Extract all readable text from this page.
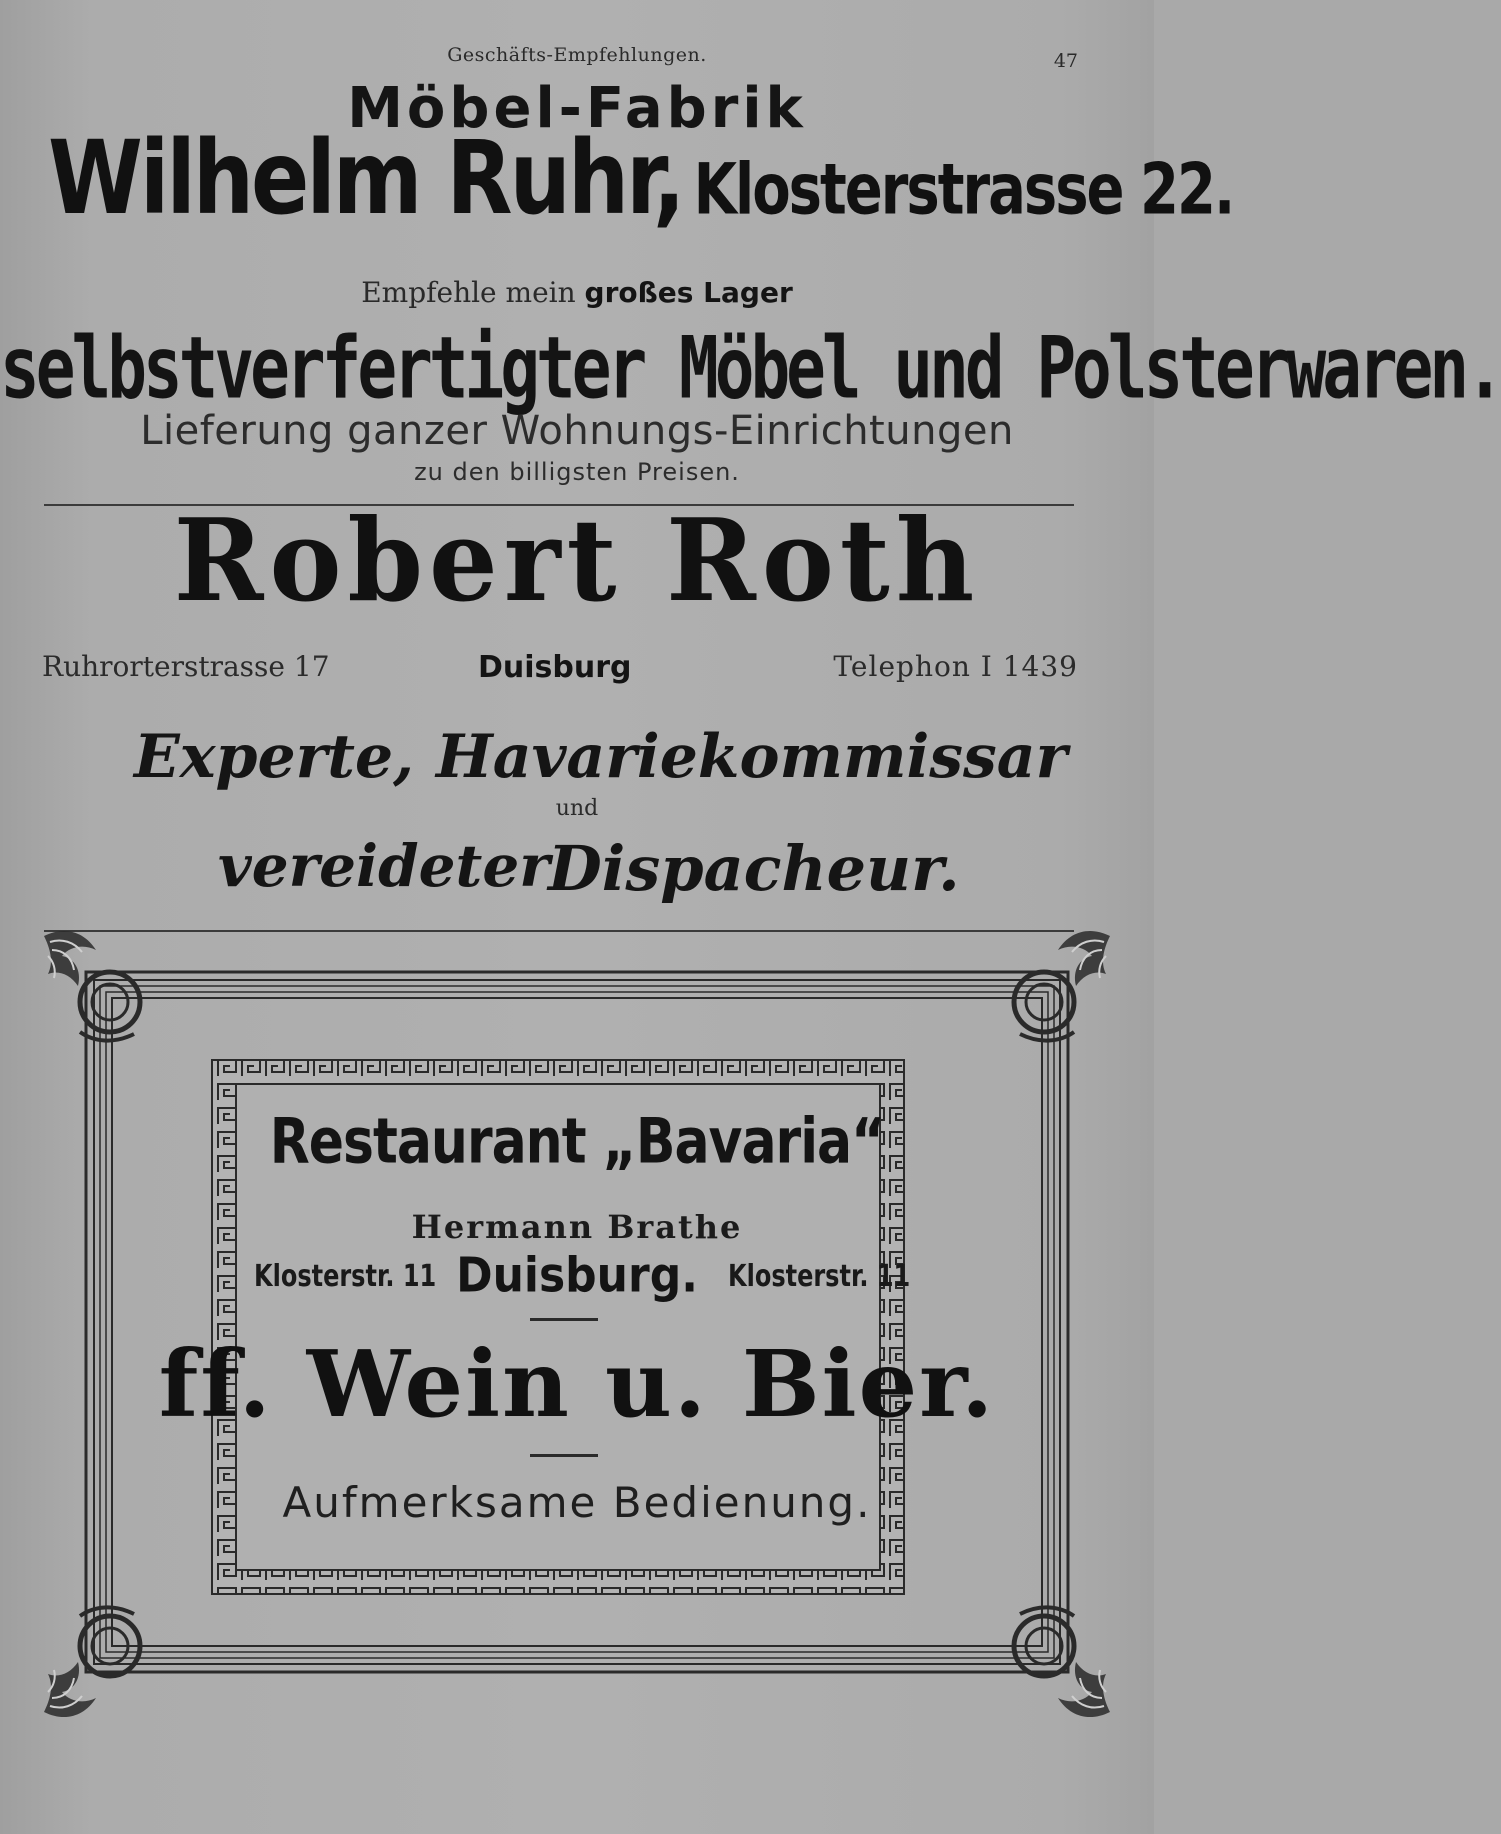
Geschäfts-Empfehlungen.	47
Möbel-Fabrik
Wilhelm Ruhr, Klosterstrasse 22.
Empfehle mein großes Lager
selbstverfertigter Möbel und Polsterwaren.
Lieferung ganzer Wohnungs-Einrichtungen
zu den billigsten Preisen.
Robert Roth
Ruhrorterstrasse 17	Duisburg	Telephon I 1439
Experte, Havariekommissar
und
vereideter
Dispacheur.
Restaurant „Bavaria“
Hermann Brathe
Klosterstr. 11 Duisburg.	Klosterstr. 11
ff. Wein u. Bier.
Aufmerksame Bedienung.
